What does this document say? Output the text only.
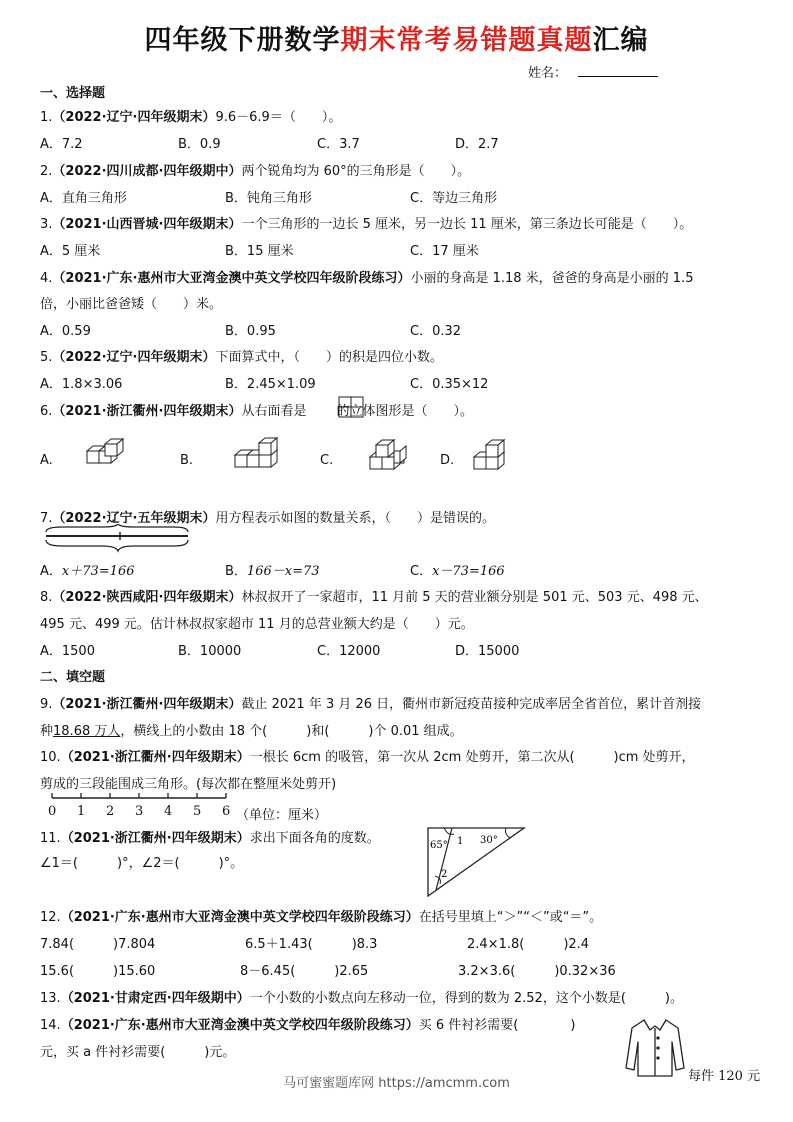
四年级下册数学期末常考易错题真题汇编
姓名：
一、选择题
1.（2022·辽宁·四年级期末）9.6－6.9＝（　　）。
A．7.2	B．0.9	C．3.7	D．2.7
2.（2022·四川成都·四年级期中）两个锐角均为 60°的三角形是（　　）。
A．直角三角形	B．钝角三角形	C．等边三角形
3.（2021·山西晋城·四年级期末）一个三角形的一边长 5 厘米，另一边长 11 厘米，第三条边长可能是（　　）。
A．5 厘米	B．15 厘米	C．17 厘米
4.（2021·广东·惠州市大亚湾金澳中英文学校四年级阶段练习）小丽的身高是 1.18 米，爸爸的身高是小丽的 1.5
倍，小丽比爸爸矮（　　）米。
A．0.59	B．0.95	C．0.32
5.（2022·辽宁·四年级期末）下面算式中，（　　）的积是四位小数。
A．1.8×3.06	B．2.45×1.09	C．0.35×12
6.（2021·浙江衢州·四年级期末）从右面看是 的立体图形是（　　）。
A.	B.	C.	D.
7.（2022·辽宁·五年级期末）用方程表示如图的数量关系，（　　）是错误的。
A．x＋73=166	B．166－x=73	C．x－73=166
8.（2022·陕西咸阳·四年级期末）林叔叔开了一家超市，11 月前 5 天的营业额分别是 501 元、503 元、498 元、
495 元、499 元。估计林叔叔家超市 11 月的总营业额大约是（　　）元。
A．1500	B．10000	C．12000	D．15000
二、填空题
9.（2021·浙江衢州·四年级期末）截止 2021 年 3 月 26 日，衢州市新冠疫苗接种完成率居全省首位，累计首剂接
种18.68 万人，横线上的小数由 18 个(　　　)和(　　　)个 0.01 组成。
10.（2021·浙江衢州·四年级期末）一根长 6cm 的吸管，第一次从 2cm 处剪开，第二次从(　　　)cm 处剪开，
剪成的三段能围成三角形。(每次都在整厘米处剪开)
0 1 2 3 4 5 6 （单位：厘米）
11.（2021·浙江衢州·四年级期末）求出下面各角的度数。
∠1＝(　　　)°，∠2＝(　　　)°。
65° 1 30°
2
12.（2021·广东·惠州市大亚湾金澳中英文学校四年级阶段练习）在括号里填上“＞”“＜”或“＝”。
7.84(　　　)7.804	6.5＋1.43(　　　)8.3	2.4×1.8(　　　)2.4
15.6(　　　)15.60	8－6.45(　　　)2.65	3.2×3.6(　　　)0.32×36
13.（2021·甘肃定西·四年级期中）一个小数的小数点向左移动一位，得到的数为 2.52，这个小数是(　　　)。
14.（2021·广东·惠州市大亚湾金澳中英文学校四年级阶段练习）买 6 件衬衫需要(　　　　)
元，买 a 件衬衫需要(　　　)元。
每件 120 元
马可蜜蜜题库网 https://amcmm.com
